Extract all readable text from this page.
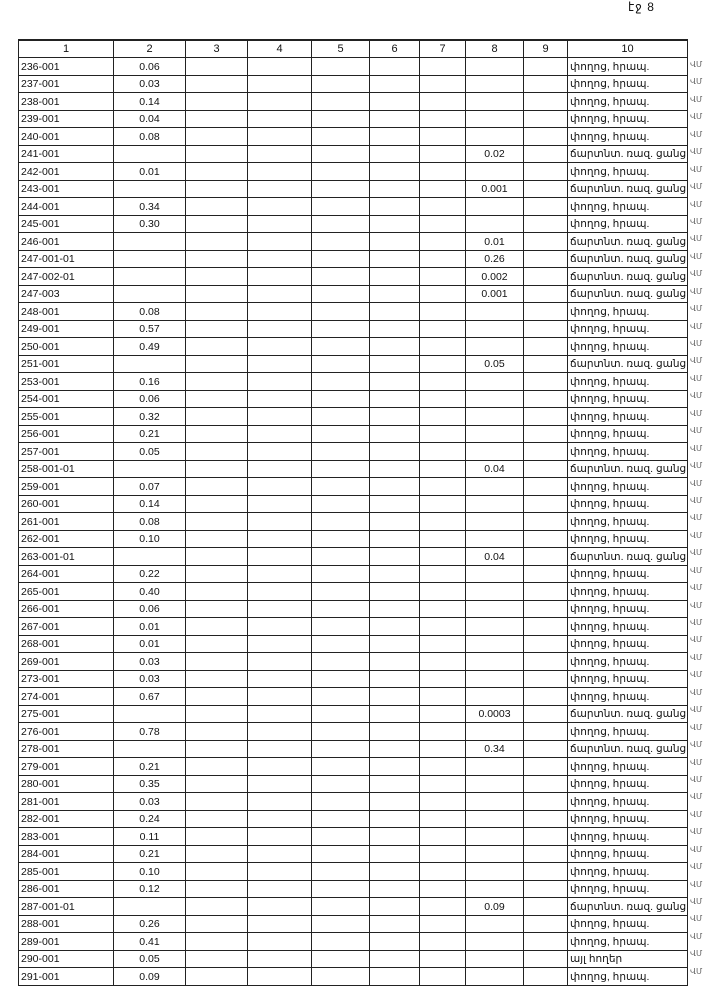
էջ 8
1	2	3	4	5	6	7	8	9	10
236-001	0.06								փողոց, հրապ.
237-001	0.03								փողոց, հրապ.
238-001	0.14								փողոց, հրապ.
239-001	0.04								փողոց, հրապ.
240-001	0.08								փողոց, հրապ.
241-001							0.02		ճարտնտ. ռազ. ցանց
242-001	0.01								փողոց, հրապ.
243-001							0.001		ճարտնտ. ռազ. ցանց
244-001	0.34								փողոց, հրապ.
245-001	0.30								փողոց, հրապ.
246-001							0.01		ճարտնտ. ռազ. ցանց
247-001-01							0.26		ճարտնտ. ռազ. ցանց
247-002-01							0.002		ճարտնտ. ռազ. ցանց
247-003							0.001		ճարտնտ. ռազ. ցանց
248-001	0.08								փողոց, հրապ.
249-001	0.57								փողոց, հրապ.
250-001	0.49								փողոց, հրապ.
251-001							0.05		ճարտնտ. ռազ. ցանց
253-001	0.16								փողոց, հրապ.
254-001	0.06								փողոց, հրապ.
255-001	0.32								փողոց, հրապ.
256-001	0.21								փողոց, հրապ.
257-001	0.05								փողոց, հրապ.
258-001-01							0.04		ճարտնտ. ռազ. ցանց
259-001	0.07								փողոց, հրապ.
260-001	0.14								փողոց, հրապ.
261-001	0.08								փողոց, հրապ.
262-001	0.10								փողոց, հրապ.
263-001-01							0.04		ճարտնտ. ռազ. ցանց
264-001	0.22								փողոց, հրապ.
265-001	0.40								փողոց, հրապ.
266-001	0.06								փողոց, հրապ.
267-001	0.01								փողոց, հրապ.
268-001	0.01								փողոց, հրապ.
269-001	0.03								փողոց, հրապ.
273-001	0.03								փողոց, հրապ.
274-001	0.67								փողոց, հրապ.
275-001							0.0003		ճարտնտ. ռազ. ցանց
276-001	0.78								փողոց, հրապ.
278-001							0.34		ճարտնտ. ռազ. ցանց
279-001	0.21								փողոց, հրապ.
280-001	0.35								փողոց, հրապ.
281-001	0.03								փողոց, հրապ.
282-001	0.24								փողոց, հրապ.
283-001	0.11								փողոց, հրապ.
284-001	0.21								փողոց, հրապ.
285-001	0.10								փողոց, հրապ.
286-001	0.12								փողոց, հրապ.
287-001-01							0.09		ճարտնտ. ռազ. ցանց
288-001	0.26								փողոց, հրապ.
289-001	0.41								փողոց, հրապ.
290-001	0.05								այլ հողեր
291-001	0.09								փողոց, հրապ.
ՎՄ
ՎՄ
ՎՄ
ՎՄ
ՎՄ
ՎՄ
ՎՄ
ՎՄ
ՎՄ
ՎՄ
ՎՄ
ՎՄ
ՎՄ
ՎՄ
ՎՄ
ՎՄ
ՎՄ
ՎՄ
ՎՄ
ՎՄ
ՎՄ
ՎՄ
ՎՄ
ՎՄ
ՎՄ
ՎՄ
ՎՄ
ՎՄ
ՎՄ
ՎՄ
ՎՄ
ՎՄ
ՎՄ
ՎՄ
ՎՄ
ՎՄ
ՎՄ
ՎՄ
ՎՄ
ՎՄ
ՎՄ
ՎՄ
ՎՄ
ՎՄ
ՎՄ
ՎՄ
ՎՄ
ՎՄ
ՎՄ
ՎՄ
ՎՄ
ՎՄ
ՎՄ
